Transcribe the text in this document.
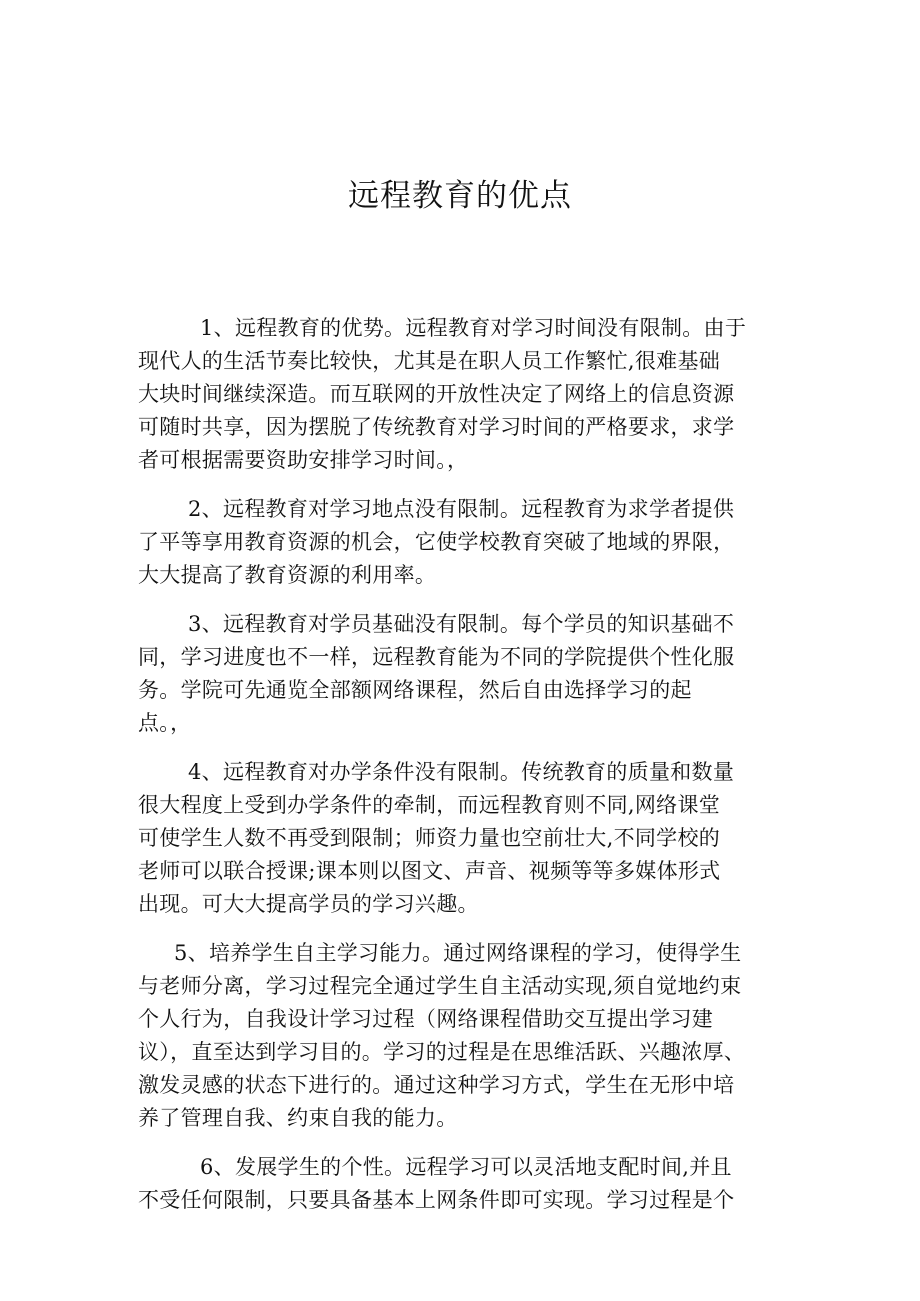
远程教育的优点
1、远程教育的优势。远程教育对学习时间没有限制。由于
现代人的生活节奏比较快，尤其是在职人员工作繁忙,很难基础
大块时间继续深造。而互联网的开放性决定了网络上的信息资源
可随时共享，因为摆脱了传统教育对学习时间的严格要求，求学
者可根据需要资助安排学习时间。，
2、远程教育对学习地点没有限制。远程教育为求学者提供
了平等享用教育资源的机会，它使学校教育突破了地域的界限，
大大提高了教育资源的利用率。
3、远程教育对学员基础没有限制。每个学员的知识基础不
同，学习进度也不一样，远程教育能为不同的学院提供个性化服
务。学院可先通览全部额网络课程，然后自由选择学习的起
点。，
4、远程教育对办学条件没有限制。传统教育的质量和数量
很大程度上受到办学条件的牵制，而远程教育则不同,网络课堂
可使学生人数不再受到限制；师资力量也空前壮大,不同学校的
老师可以联合授课;课本则以图文、声音、视频等等多媒体形式
出现。可大大提高学员的学习兴趣。
5、培养学生自主学习能力。通过网络课程的学习，使得学生
与老师分离，学习过程完全通过学生自主活动实现,须自觉地约束
个人行为，自我设计学习过程（网络课程借助交互提出学习建
议），直至达到学习目的。学习的过程是在思维活跃、兴趣浓厚、
激发灵感的状态下进行的。通过这种学习方式，学生在无形中培
养了管理自我、约束自我的能力。
6、发展学生的个性。远程学习可以灵活地支配时间,并且
不受任何限制，只要具备基本上网条件即可实现。学习过程是个
